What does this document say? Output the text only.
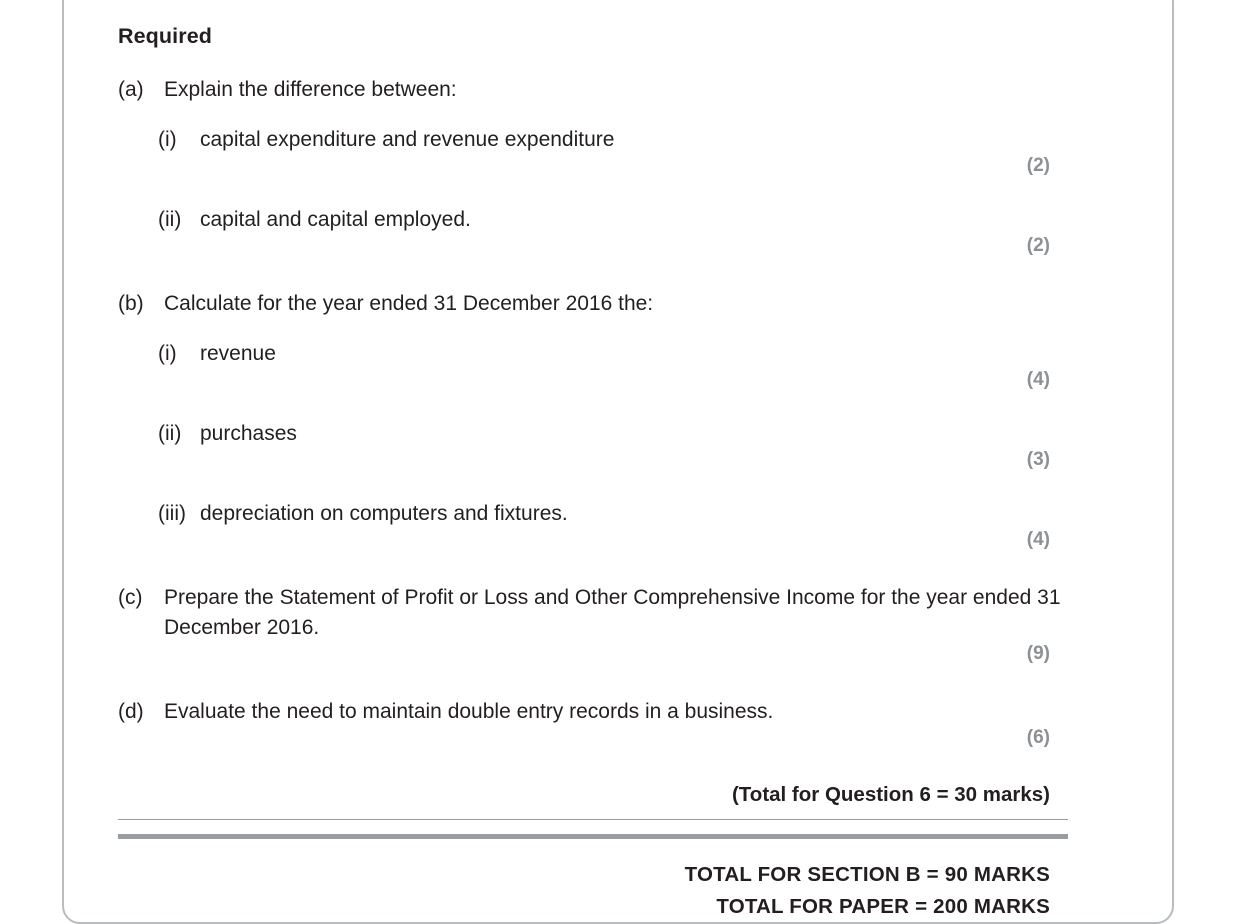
Required
(a) Explain the difference between:
(i)	capital expenditure and revenue expenditure
(2)
(ii) capital and capital employed.
(2)
(b) Calculate for the year ended 31 December 2016 the:
(i)	revenue
(4)
(ii) purchases
(3)
(iii) depreciation on computers and fixtures.
(4)
(c)	Prepare the Statement of Profit or Loss and Other Comprehensive Income for the year ended 31 December 2016.
(9)
(d) Evaluate the need to maintain double entry records in a business.
(6)
(Total for Question 6 = 30 marks)
TOTAL FOR SECTION B = 90 MARKS
TOTAL FOR PAPER = 200 MARKS
